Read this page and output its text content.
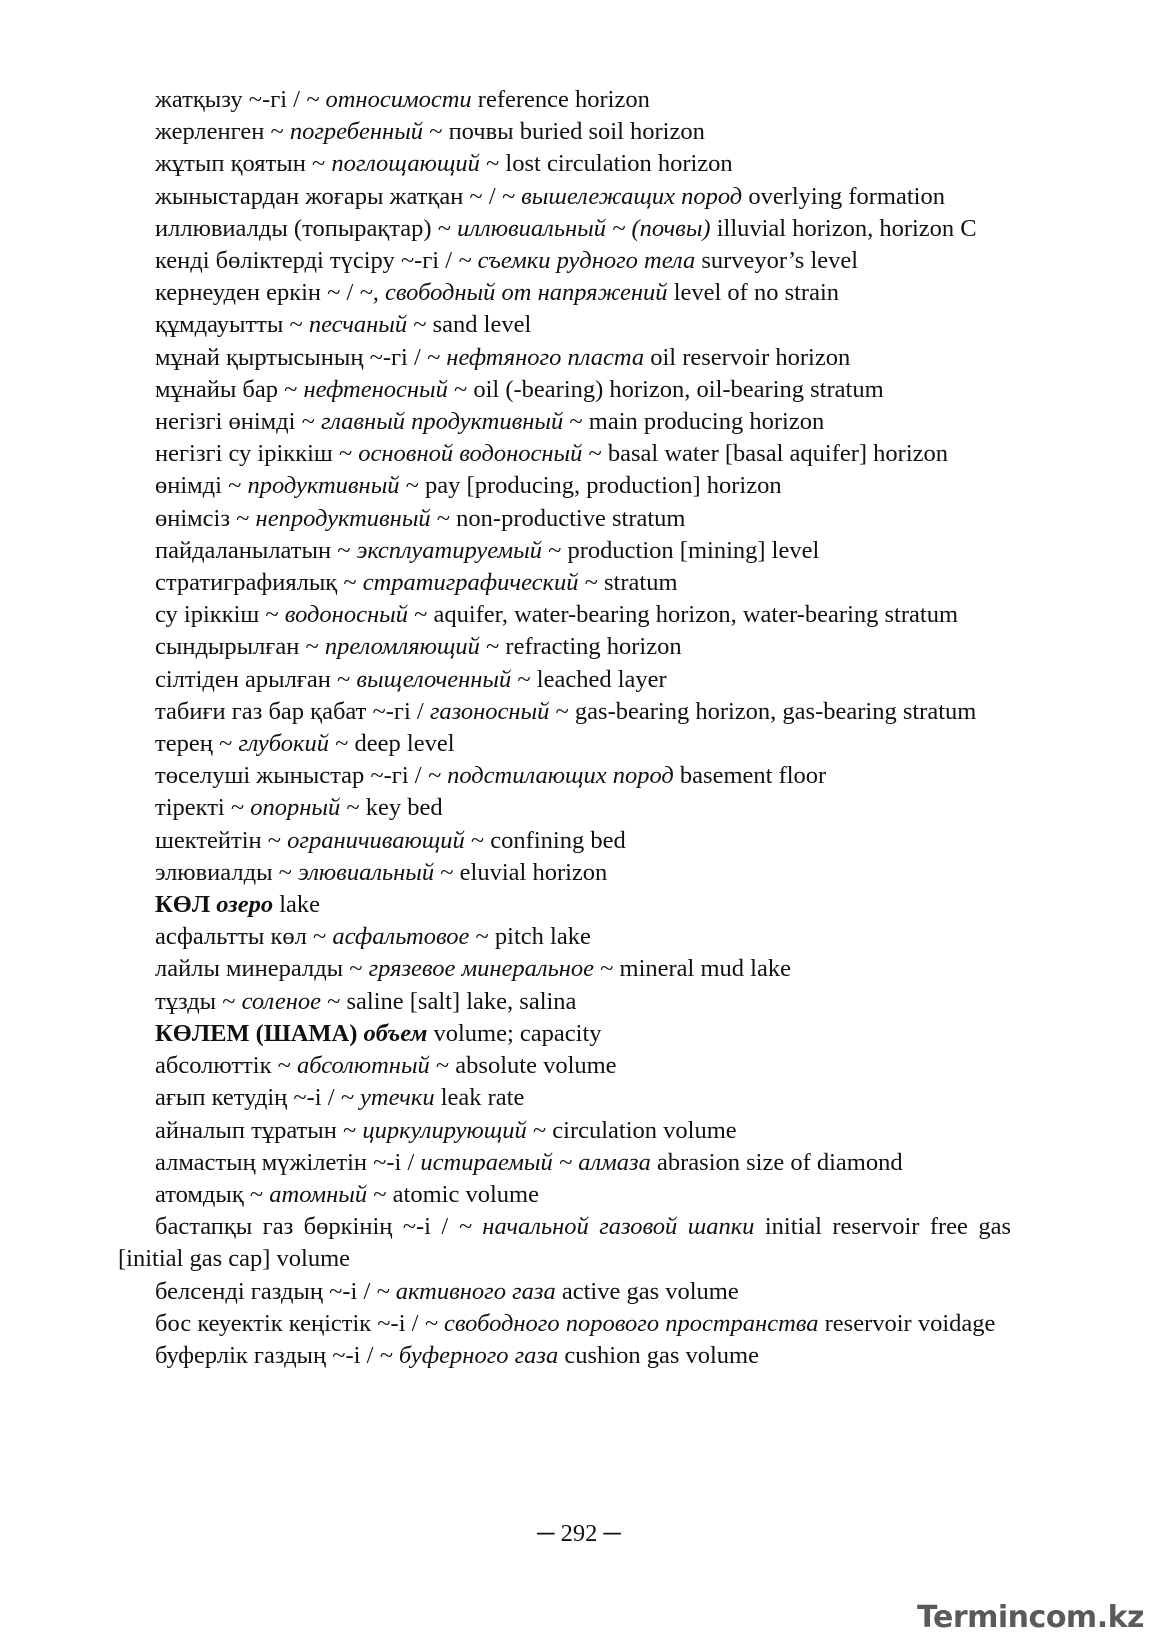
жатқызу ~-гі / ~ относимости reference horizon

жерленген ~ погребенный ~ почвы buried soil horizon

жұтып қоятын ~ поглощающий ~ lost circulation horizon

жыныстардан жоғары жатқан ~ / ~ вышележащих пород overlying formation

иллювиалды (топырақтар) ~ иллювиальный ~ (почвы) illuvial horizon, horizon C

кенді бөліктерді түсіру ~-гі / ~ съемки рудного тела surveyor’s level

кернеуден еркін ~ / ~, свободный от напряжений level of no strain

құмдауытты ~ песчаный ~ sand level

мұнай қыртысының ~-гі / ~ нефтяного пласта oil reservoir horizon

мұнайы бар ~ нефтеносный ~ oil (-bearing) horizon, oil-bearing stratum

негізгі өнімді ~ главный продуктивный ~ main producing horizon

негізгі су іріккіш ~ основной водоносный ~ basal water [basal aquifer] horizon

өнімді ~ продуктивный ~ pay [producing, production] horizon

өнімсіз ~ непродуктивный ~ non-productive stratum

пайдаланылатын ~ эксплуатируемый ~ production [mining] level

стратиграфиялық ~ стратиграфический ~ stratum

су іріккіш ~ водоносный ~ aquifer, water-bearing horizon, water-bearing stratum

сындырылған ~ преломляющий ~ refracting horizon

сілтіден арылған ~ выщелоченный ~ leached layer

табиғи газ бар қабат ~-гі / газоносный ~ gas-bearing horizon, gas-bearing stratum

терең ~ глубокий ~ deep level

төселуші жыныстар ~-гі / ~ подстилающих пород basement floor

тіректі ~ опорный ~ key bed

шектейтін ~ ограничивающий ~ confining bed

элювиалды ~ элювиальный ~ eluvial horizon

КӨЛ озеро lake

асфальтты көл ~ асфальтовое ~ pitch lake

лайлы минералды ~ грязевое минеральное ~ mineral mud lake

тұзды ~ соленое ~ saline [salt] lake, salina

КӨЛЕМ (ШАМА) объем volume; capacity

абсолюттік ~ абсолютный ~ absolute volume

ағып кетудің ~-і / ~ утечки leak rate

айналып тұратын ~ циркулирующий ~ circulation volume

алмастың мүжілетін ~-і / истираемый ~ алмаза abrasion size of diamond

атомдық ~ атомный ~ atomic volume

бастапқы газ бөркінің ~-і / ~ начальной газовой шапки initial reservoir free gas [initial gas cap] volume

белсенді газдың ~-і / ~ активного газа active gas volume

бос кеуектік кеңістік ~-і / ~ свободного порового пространства reservoir voidage

буферлік газдың ~-і / ~ буферного газа cushion gas volume

─ 292 ─
Termincom.kz
